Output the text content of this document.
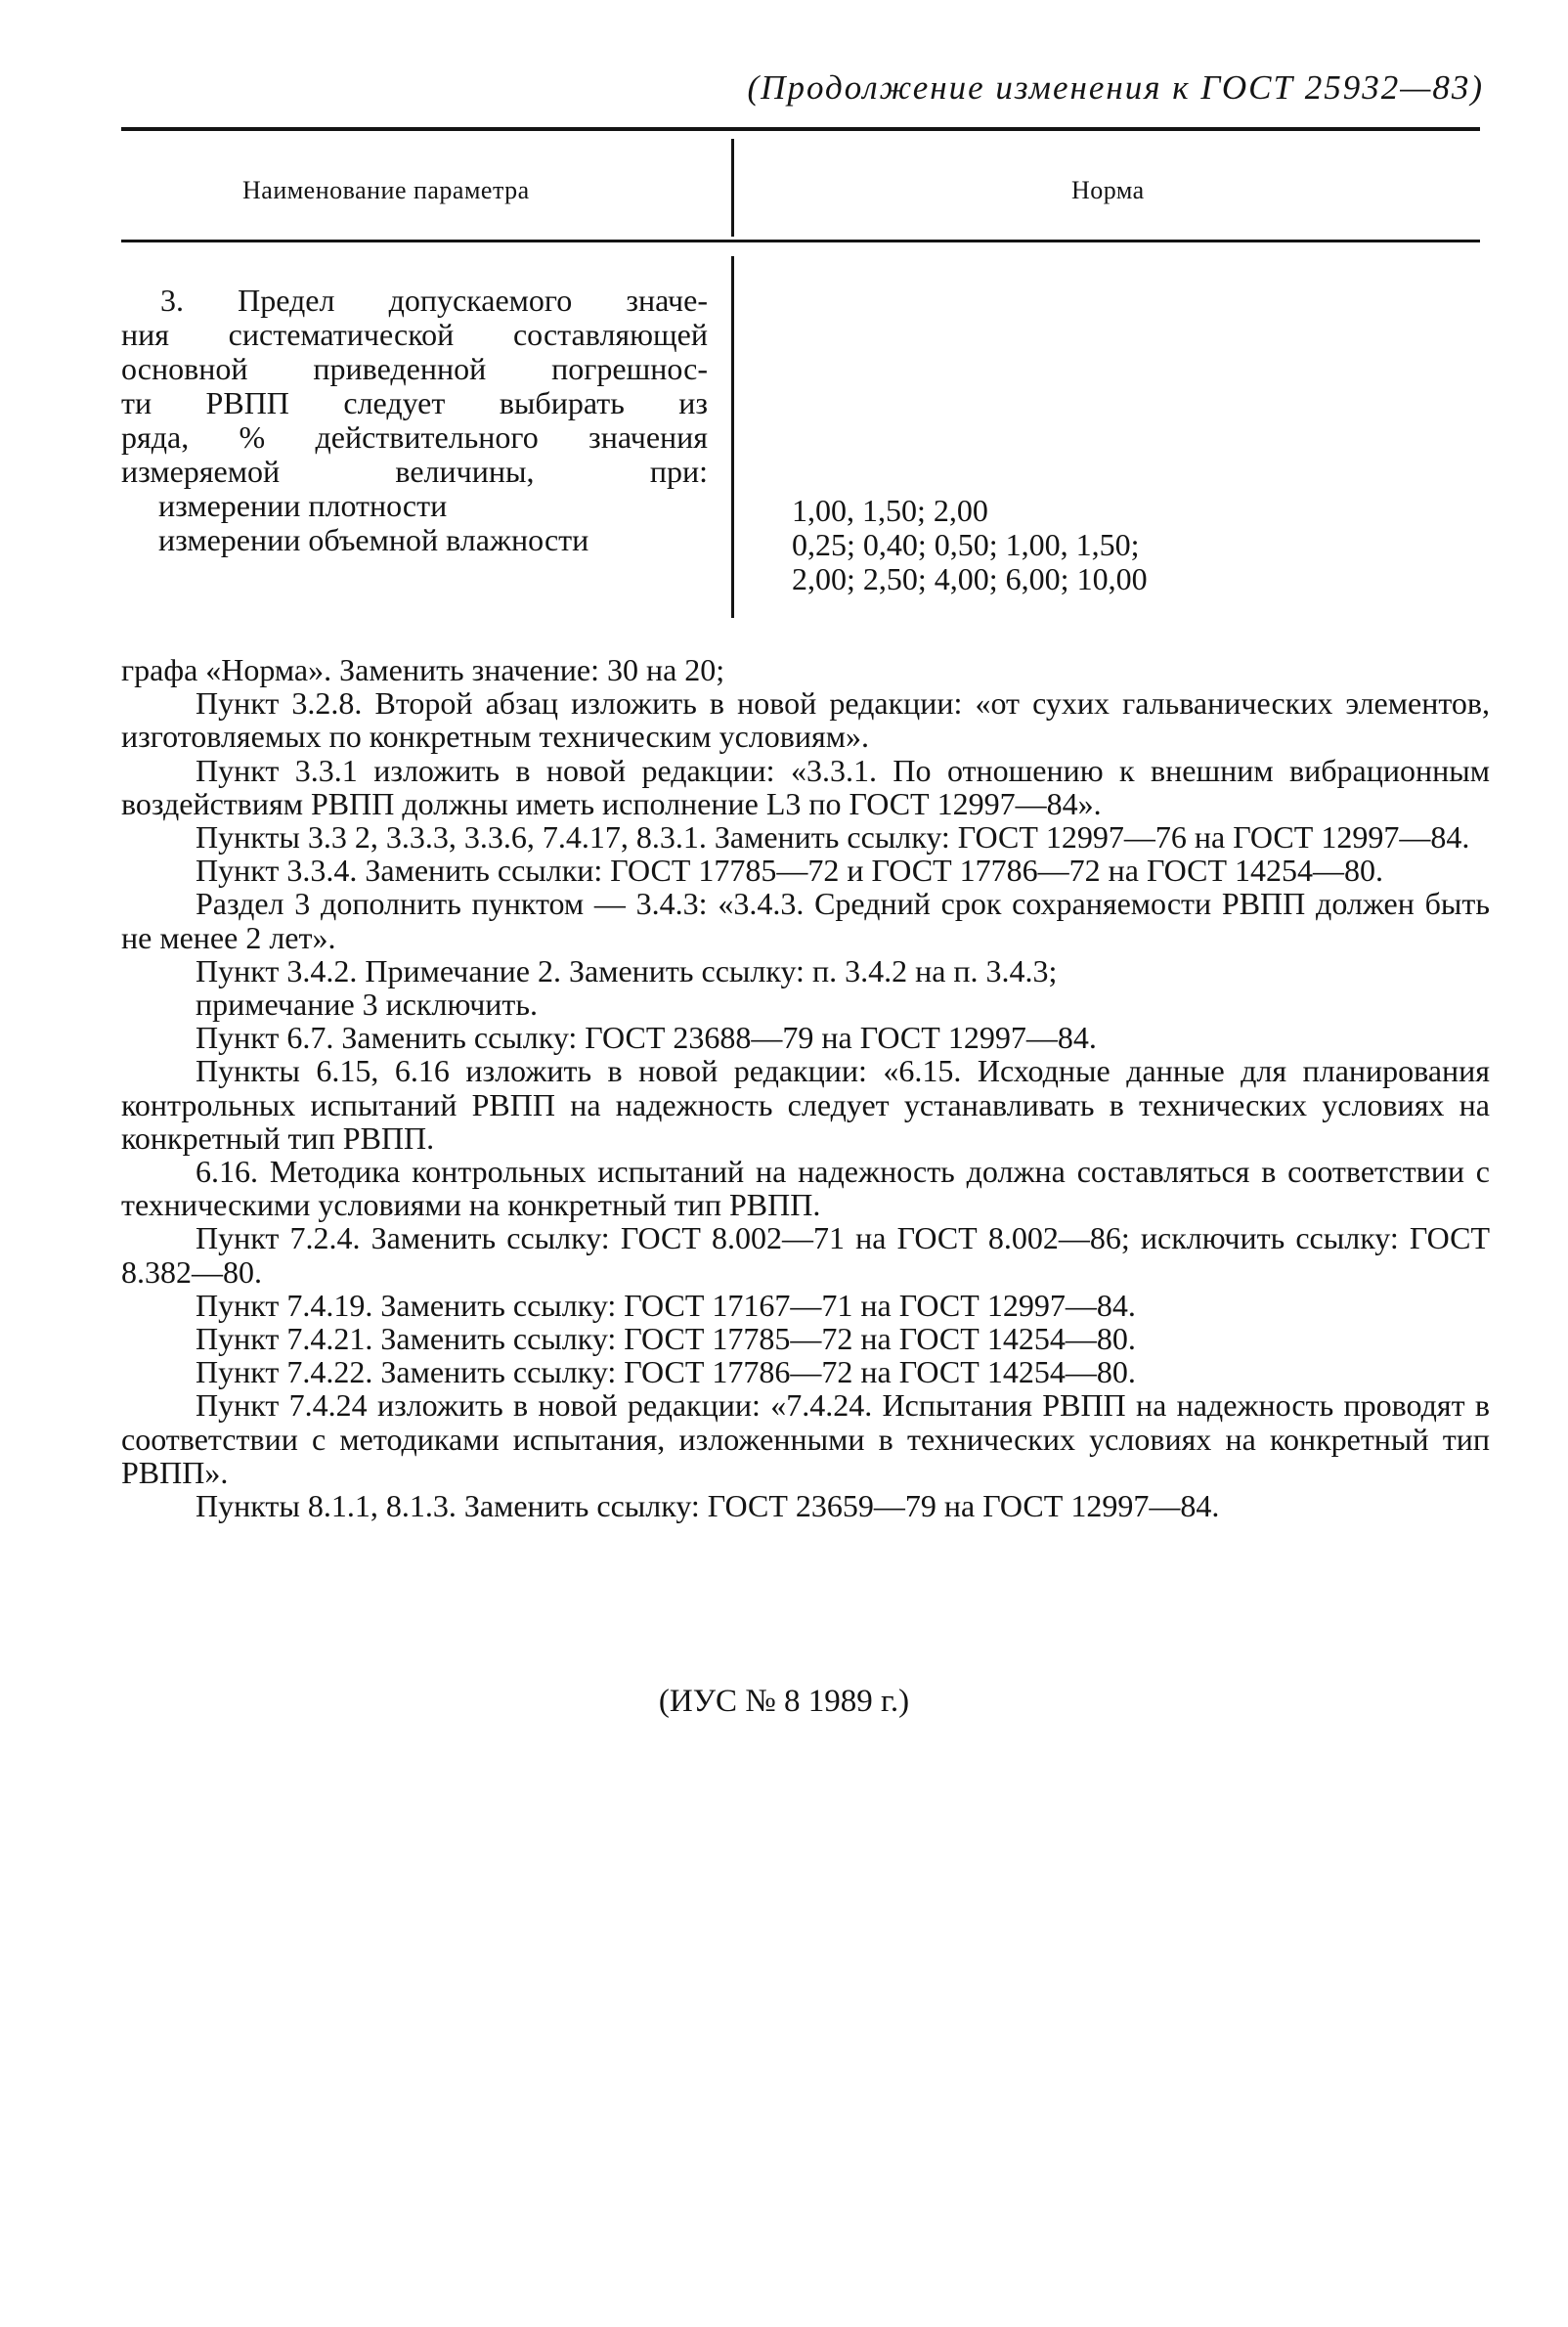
(Продолжение изменения к ГОСТ 25932—83)
Наименование параметра	Норма
3. Предел допускаемого значе-
ния систематической составляющей
основной приведенной погрешнос-
ти РВПП следует выбирать из
ряда, % действительного значения
измеряемой величины, при:
измерении плотности
измерении объемной влажности
1,00, 1,50; 2,00
0,25; 0,40; 0,50; 1,00, 1,50;
2,00; 2,50; 4,00; 6,00; 10,00

графа «Норма». Заменить значение: 30 на 20;

Пункт 3.2.8. Второй абзац изложить в новой редакции: «от сухих гальванических элементов, изготовляемых по конкретным техническим условиям».

Пункт 3.3.1 изложить в новой редакции: «3.3.1. По отношению к внешним вибрационным воздействиям РВПП должны иметь исполнение L3 по ГОСТ 12997—84».

Пункты 3.3 2, 3.3.3, 3.3.6, 7.4.17, 8.3.1. Заменить ссылку: ГОСТ 12997—76 на ГОСТ 12997—84.

Пункт 3.3.4. Заменить ссылки: ГОСТ 17785—72 и ГОСТ 17786—72 на ГОСТ 14254—80.

Раздел 3 дополнить пунктом — 3.4.3: «3.4.3. Средний срок сохраняемости РВПП должен быть не менее 2 лет».

Пункт 3.4.2. Примечание 2. Заменить ссылку: п. 3.4.2 на п. 3.4.3;

примечание 3 исключить.

Пункт 6.7. Заменить ссылку: ГОСТ 23688—79 на ГОСТ 12997—84.

Пункты 6.15, 6.16 изложить в новой редакции: «6.15. Исходные данные для планирования контрольных испытаний РВПП на надежность следует устанавливать в технических условиях на конкретный тип РВПП.

6.16. Методика контрольных испытаний на надежность должна составляться в соответствии с техническими условиями на конкретный тип РВПП.

Пункт 7.2.4. Заменить ссылку: ГОСТ 8.002—71 на ГОСТ 8.002—86; исключить ссылку: ГОСТ 8.382—80.

Пункт 7.4.19. Заменить ссылку: ГОСТ 17167—71 на ГОСТ 12997—84.

Пункт 7.4.21. Заменить ссылку: ГОСТ 17785—72 на ГОСТ 14254—80.

Пункт 7.4.22. Заменить ссылку: ГОСТ 17786—72 на ГОСТ 14254—80.

Пункт 7.4.24 изложить в новой редакции: «7.4.24. Испытания РВПП на надежность проводят в соответствии с методиками испытания, изложенными в технических условиях на конкретный тип РВПП».

Пункты 8.1.1, 8.1.3. Заменить ссылку: ГОСТ 23659—79 на ГОСТ 12997—84.

(ИУС № 8 1989 г.)
